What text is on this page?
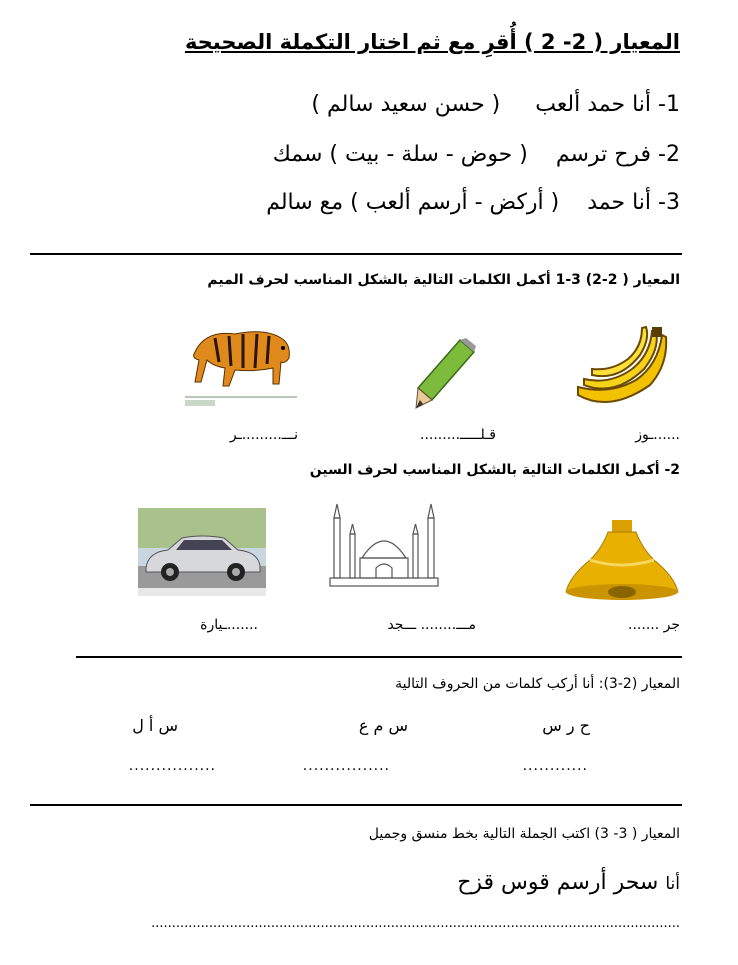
المعيار ( 2- 2 ) أُقرِ مع ثم اختار التكملة الصحيحة
1- أنا حمد ألعب     ( حسن سعيد سالم )
2- فرح ترسم    ( حوض - سلة - بيت ) سمك
3- أنا حمد    ( أركض - أرسم ألعب ) مع سالم
المعيار ( 2-2) 3-1 أكمل الكلمات التالية بالشكل المناسب لحرف الميم
......ـوز
قـلـــــ.........
نـــ.........ـر
2- أكمل الكلمات التالية بالشكل المناسب لحرف السين
جر .......
مـــ........ ـــجد
.......ـيارة
المعيار (2-3): أنا أركب كلمات من الحروف التالية
ح ر س
س م ع
س أ ل
............
................
................
المعيار ( 3- 3) اكتب الجملة التالية بخط منسق وجميل
أنا سحر أرسم قوس قزح
................................................................................................................................
